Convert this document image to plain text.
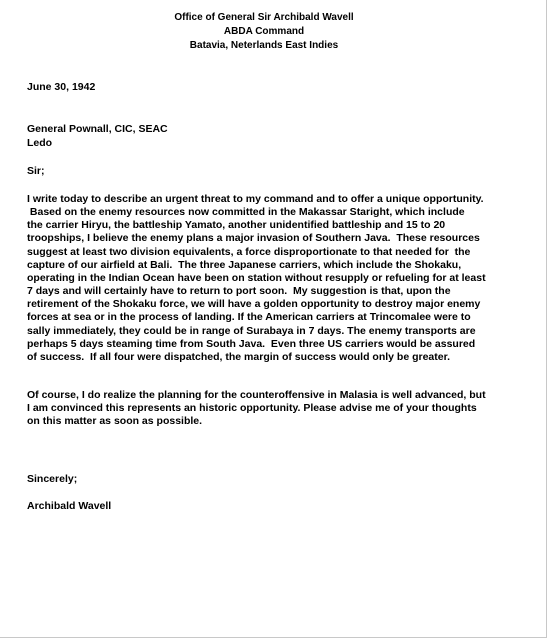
Office of General Sir Archibald Wavell
ABDA Command
Batavia, Neterlands East Indies
June 30, 1942
General Pownall, CIC, SEAC
Ledo
Sir;
I write today to describe an urgent threat to my command and to offer a unique opportunity.
Based on the enemy resources now committed in the Makassar Staright, which include
the carrier Hiryu, the battleship Yamato, another unidentified battleship and 15 to 20
troopships, I believe the enemy plans a major invasion of Southern Java.  These resources
suggest at least two division equivalents, a force disproportionate to that needed for  the
capture of our airfield at Bali.  The three Japanese carriers, which include the Shokaku,
operating in the Indian Ocean have been on station without resupply or refueling for at least
7 days and will certainly have to return to port soon.  My suggestion is that, upon the
retirement of the Shokaku force, we will have a golden opportunity to destroy major enemy
forces at sea or in the process of landing. If the American carriers at Trincomalee were to
sally immediately, they could be in range of Surabaya in 7 days. The enemy transports are
perhaps 5 days steaming time from South Java.  Even three US carriers would be assured
of success.  If all four were dispatched, the margin of success would only be greater.
Of course, I do realize the planning for the counteroffensive in Malasia is well advanced, but
I am convinced this represents an historic opportunity. Please advise me of your thoughts
on this matter as soon as possible.
Sincerely;
Archibald Wavell
